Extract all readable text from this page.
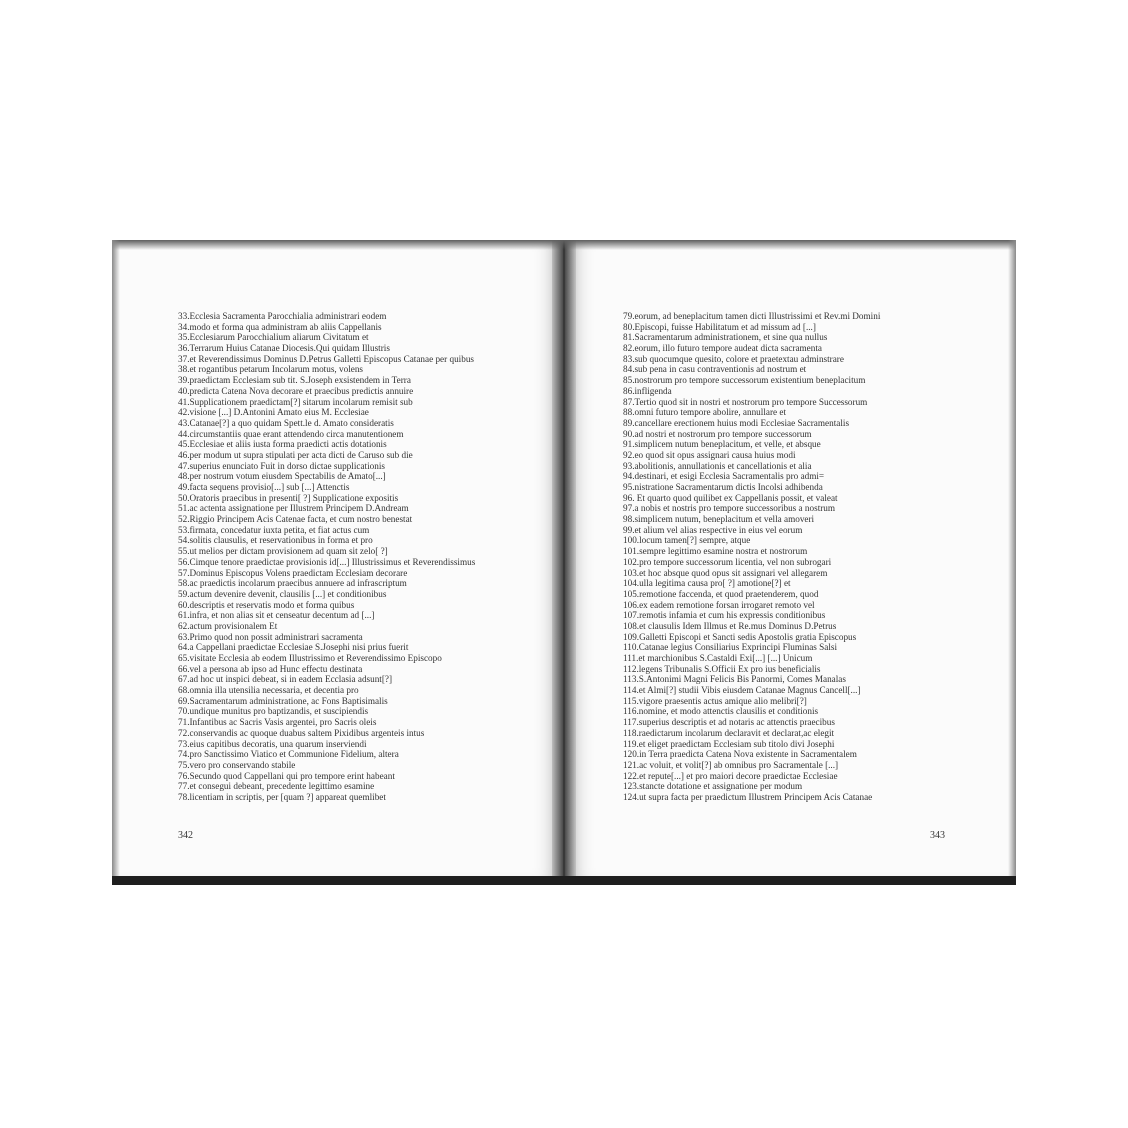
33.Ecclesia Sacramenta Parocchialia administrari eodem
34.modo et forma qua administram ab aliis Cappellanis
35.Ecclesiarum Parocchialium aliarum Civitatum et
36.Terrarum Huius Catanae Diocesis.Qui quidam Illustris
37.et Reverendissimus Dominus D.Petrus Galletti Episcopus Catanae per quibus
38.et rogantibus petarum Incolarum motus, volens
39.praedictam Ecclesiam sub tit. S.Joseph exsistendem in Terra
40.predicta Catena Nova decorare et praecibus predictis annuire
41.Supplicationem praedictam[?] sitarum incolarum remisit sub
42.visione [...] D.Antonini Amato eius M. Ecclesiae
43.Catanae[?] a quo quidam Spett.le d. Amato consideratis
44.circumstantiis quae erant attendendo circa manutentionem
45.Ecclesiae et aliis iusta forma praedicti actis dotationis
46.per modum ut supra stipulati per acta dicti de Caruso sub die
47.superius enunciato Fuit in dorso dictae supplicationis
48.per nostrum votum eiusdem Spectabilis de Amato[...]
49.facta sequens provisio[...] sub [...] Attenctis
50.Oratoris praecibus in presenti[ ?] Supplicatione expositis
51.ac actenta assignatione per Illustrem Principem D.Andream
52.Riggio Principem Acis Catenae facta, et cum nostro benestat
53.firmata, concedatur iuxta petita, et fiat actus cum
54.solitis clausulis, et reservationibus in forma et pro
55.ut melios per dictam provisionem ad quam sit zelo[ ?]
56.Cimque tenore praedictae provisionis id[...] Illustrissimus et Reverendissimus
57.Dominus Episcopus Volens praedictam Ecclesiam decorare
58.ac praedictis incolarum praecibus annuere ad infrascriptum
59.actum devenire devenit, clausilis [...] et conditionibus
60.descriptis et reservatis modo et forma quibus
61.infra, et non alias sit et censeatur decentum ad [...]
62.actum provisionalem Et
63.Primo quod non possit administrari sacramenta
64.a Cappellani praedictae Ecclesiae S.Josephi nisi prius fuerit
65.visitate Ecclesia ab eodem Illustrissimo et Reverendissimo Episcopo
66.vel a persona ab ipso ad Hunc effectu destinata
67.ad hoc ut inspici debeat, si in eadem Ecclasia adsunt[?]
68.omnia illa utensilia necessaria, et decentia pro
69.Sacramentarum administratione, ac Fons Baptisimalis
70.undique munitus pro baptizandis, et suscipiendis
71.Infantibus ac Sacris Vasis argentei, pro Sacris oleis
72.conservandis ac quoque duabus saltem Pixidibus argenteis intus
73.eius capitibus decoratis, una quarum inserviendi
74.pro Sanctissimo Viatico et Communione Fidelium, altera
75.vero pro conservando stabile
76.Secundo quod Cappellani qui pro tempore erint habeant
77.et consegui debeant, precedente legittimo esamine
78.licentiam in scriptis, per [quam ?] appareat quemlibet
342
79.eorum, ad beneplacitum tamen dicti Illustrissimi et Rev.mi Domini
80.Episcopi, fuisse Habilitatum et ad missum ad [...]
81.Sacramentarum administrationem, et sine qua nullus
82.eorum, illo futuro tempore audeat dicta sacramenta
83.sub quocumque quesito, colore et praetextau adminstrare
84.sub pena in casu contraventionis ad nostrum et
85.nostrorum pro tempore successorum existentium beneplacitum
86.infligenda
87.Tertio quod sit in nostri et nostrorum pro tempore Successorum
88.omni futuro tempore abolire, annullare et
89.cancellare erectionem huius modi Ecclesiae Sacramentalis
90.ad nostri et nostrorum pro tempore successorum
91.simplicem nutum beneplacitum, et velle, et absque
92.eo quod sit opus assignari causa huius modi
93.abolitionis, annullationis et cancellationis et alia
94.destinari, et esigi Ecclesia Sacramentalis pro admi=
95.nistratione Sacramentarum dictis Incolsi adhibenda
96. Et quarto quod quilibet ex Cappellanis possit, et valeat
97.a nobis et nostris pro tempore successoribus a nostrum
98.simplicem nutum, beneplacitum et vella amoveri
99.et alium vel alias respective in eius vel eorum
100.locum tamen[?] sempre, atque
101.sempre legittimo esamine nostra et nostrorum
102.pro tempore successorum licentia, vel non subrogari
103.et hoc absque quod opus sit assignari vel allegarem
104.ulla legitima causa pro[ ?] amotione[?] et
105.remotione faccenda, et quod praetenderem, quod
106.ex eadem remotione forsan irrogaret remoto vel
107.remotis infamia et cum his expressis conditionibus
108.et clausulis Idem Illmus et Re.mus Dominus D.Petrus
109.Galletti Episcopi et Sancti sedis Apostolis gratia Episcopus
110.Catanae legius Consiliarius Exprincipi Fluminas Salsi
111.et marchionibus S.Castaldi Exi[...] [...] Unicum
112.legens Tribunalis S.Officii Ex pro ius beneficialis
113.S.Antonimi Magni Felicis Bis Panormi, Comes Manalas
114.et Almi[?] studii Vibis eiusdem Catanae Magnus Cancell[...]
115.vigore praesentis actus amique alio melibri[?]
116.nomine, et modo attenctis clausilis et conditionis
117.superius descriptis et ad notaris ac attenctis praecibus
118.raedictarum incolarum declaravit et declarat,ac elegit
119.et eliget praedictam Ecclesiam sub titolo divi Josephi
120.in Terra praedicta Catena Nova existente in Sacramentalem
121.ac voluit, et volit[?] ab omnibus pro Sacramentale [...]
122.et repute[...] et pro maiori decore praedictae Ecclesiae
123.stancte dotatione et assignatione per modum
124.ut supra facta per praedictum Illustrem Principem Acis Catanae
343
